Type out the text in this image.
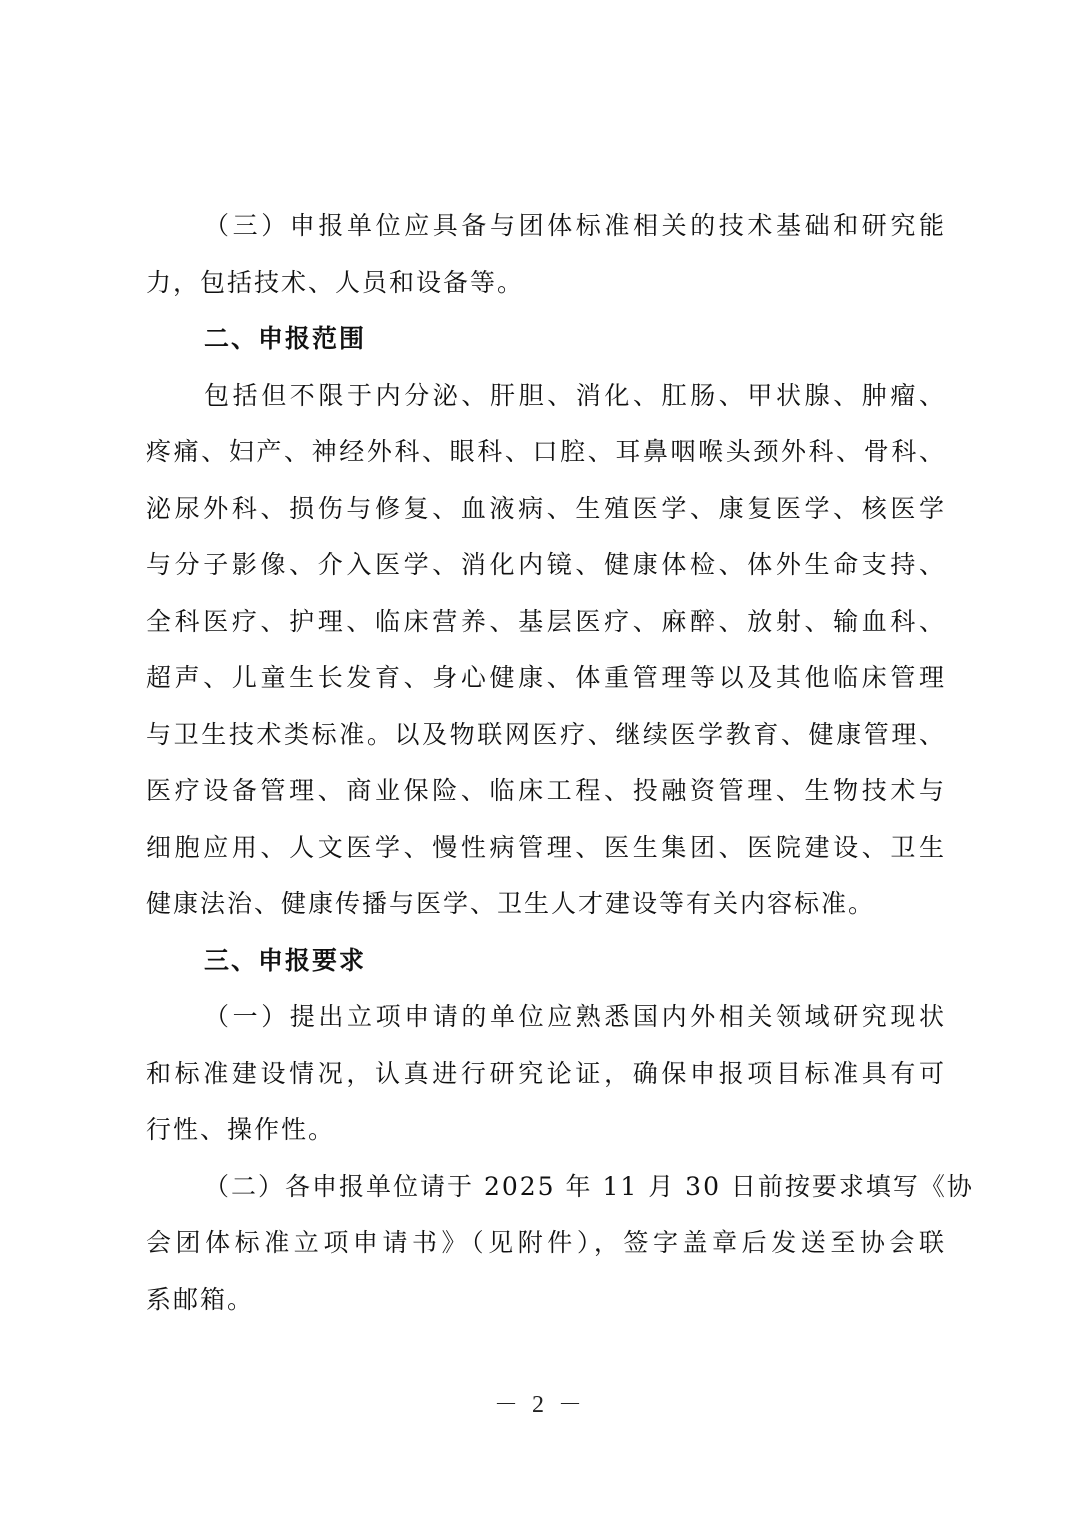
（三）申报单位应具备与团体标准相关的技术基础和研究能
力，包括技术、人员和设备等。
二、申报范围
包括但不限于内分泌、肝胆、消化、肛肠、甲状腺、肿瘤、
疼痛、妇产、神经外科、眼科、口腔、耳鼻咽喉头颈外科、骨科、
泌尿外科、损伤与修复、血液病、生殖医学、康复医学、核医学
与分子影像、介入医学、消化内镜、健康体检、体外生命支持、
全科医疗、护理、临床营养、基层医疗、麻醉、放射、输血科、
超声、儿童生长发育、身心健康、体重管理等以及其他临床管理
与卫生技术类标准。以及物联网医疗、继续医学教育、健康管理、
医疗设备管理、商业保险、临床工程、投融资管理、生物技术与
细胞应用、人文医学、慢性病管理、医生集团、医院建设、卫生
健康法治、健康传播与医学、卫生人才建设等有关内容标准。
三、申报要求
（一）提出立项申请的单位应熟悉国内外相关领域研究现状
和标准建设情况，认真进行研究论证，确保申报项目标准具有可
行性、操作性。
（二）各申报单位请于 2025 年 11 月 30 日前按要求填写《协
会团体标准立项申请书》（见附件），签字盖章后发送至协会联
系邮箱。
－ 2 －
